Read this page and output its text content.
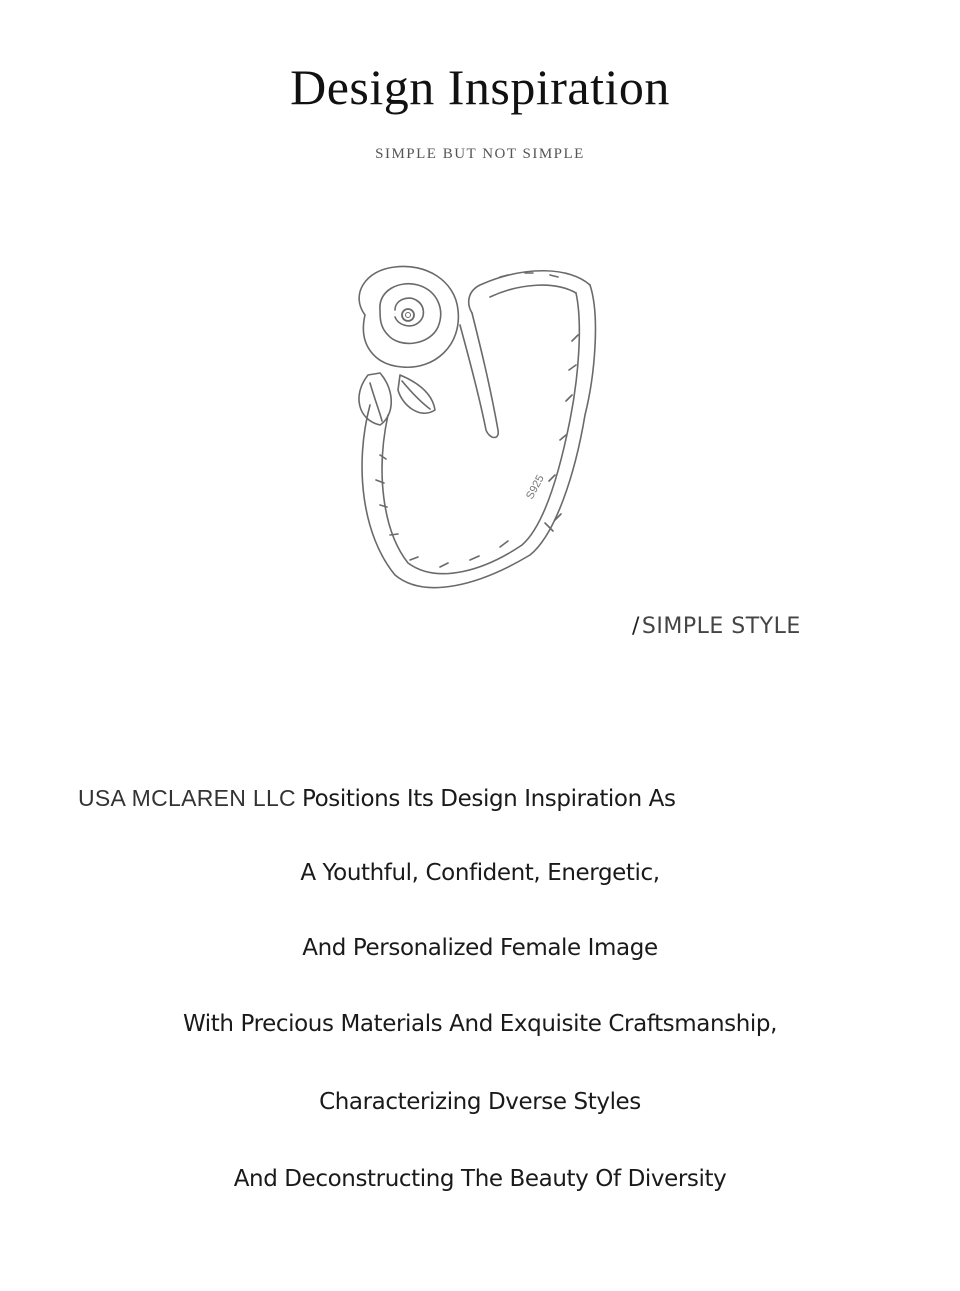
Design Inspiration
SIMPLE BUT NOT SIMPLE
S925
/SIMPLE STYLE
USA MCLAREN LLC Positions Its Design Inspiration As
A Youthful, Confident, Energetic,
And Personalized Female Image
With Precious Materials And Exquisite Craftsmanship,
Characterizing Dverse Styles
And Deconstructing The Beauty Of Diversity
